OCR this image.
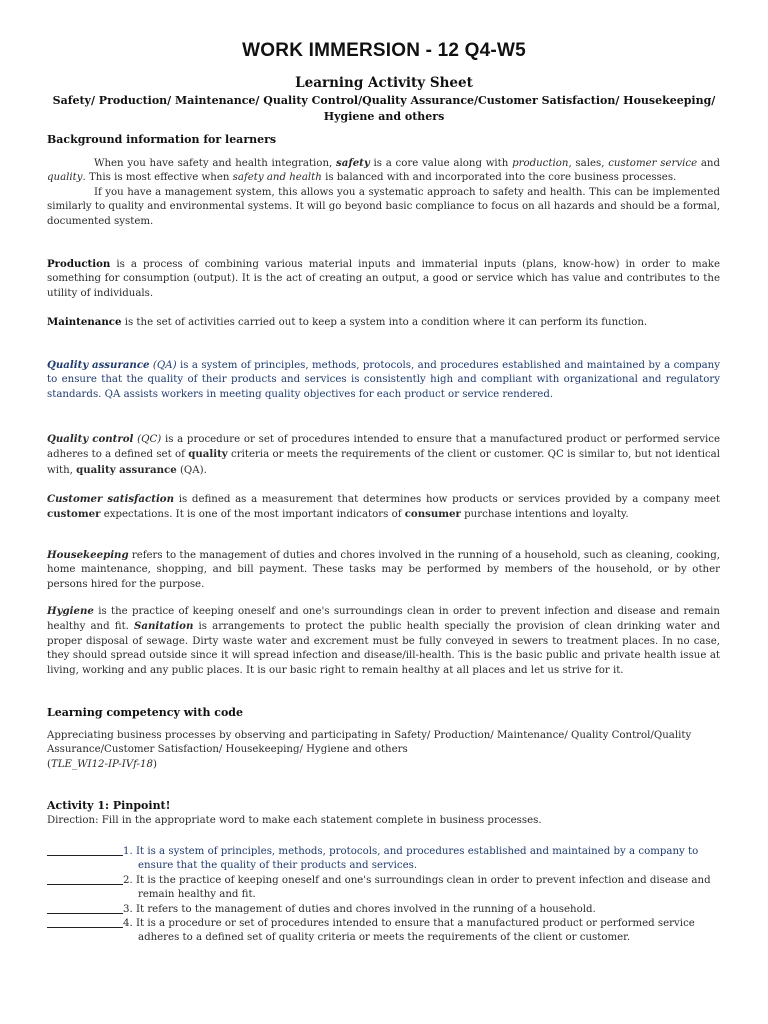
WORK IMMERSION - 12 Q4-W5
Learning Activity Sheet
Safety/ Production/ Maintenance/ Quality Control/Quality Assurance/Customer Satisfaction/ Housekeeping/ Hygiene and others
Background information for learners

When you have safety and health integration, safety is a core value along with production, sales, customer service and quality. This is most effective when safety and health is balanced with and incorporated into the core business processes.

If you have a management system, this allows you a systematic approach to safety and health. This can be implemented similarly to quality and environmental systems. It will go beyond basic compliance to focus on all hazards and should be a formal, documented system.

Production is a process of combining various material inputs and immaterial inputs (plans, know-how) in order to make something for consumption (output). It is the act of creating an output, a good or service which has value and contributes to the utility of individuals.

Maintenance is the set of activities carried out to keep a system into a condition where it can perform its function.

Quality assurance (QA) is a system of principles, methods, protocols, and procedures established and maintained by a company to ensure that the quality of their products and services is consistently high and compliant with organizational and regulatory standards. QA assists workers in meeting quality objectives for each product or service rendered.

Quality control (QC) is a procedure or set of procedures intended to ensure that a manufactured product or performed service adheres to a defined set of quality criteria or meets the requirements of the client or customer. QC is similar to, but not identical with, quality assurance (QA).

Customer satisfaction is defined as a measurement that determines how products or services provided by a company meet customer expectations. It is one of the most important indicators of consumer purchase intentions and loyalty.

Housekeeping refers to the management of duties and chores involved in the running of a household, such as cleaning, cooking, home maintenance, shopping, and bill payment. These tasks may be performed by members of the household, or by other persons hired for the purpose.

Hygiene is the practice of keeping oneself and one's surroundings clean in order to prevent infection and disease and remain healthy and fit. Sanitation is arrangements to protect the public health specially the provision of clean drinking water and proper disposal of sewage. Dirty waste water and excrement must be fully conveyed in sewers to treatment places. In no case, they should spread outside since it will spread infection and disease/ill-health. This is the basic public and private health issue at living, working and any public places. It is our basic right to remain healthy at all places and let us strive for it.

Learning competency with code

Appreciating business processes by observing and participating in Safety/ Production/ Maintenance/ Quality Control/Quality Assurance/Customer Satisfaction/ Housekeeping/ Hygiene and others
(TLE_WI12-IP-IVf-18)

Activity 1: Pinpoint!
Direction: Fill in the appropriate word to make each statement complete in business processes.
1. It is a system of principles, methods, protocols, and procedures established and maintained by a company to ensure that the quality of their products and services.
2. It is the practice of keeping oneself and one's surroundings clean in order to prevent infection and disease and remain healthy and fit.
3. It refers to the management of duties and chores involved in the running of a household.
4. It is a procedure or set of procedures intended to ensure that a manufactured product or performed service adheres to a defined set of quality criteria or meets the requirements of the client or customer.
